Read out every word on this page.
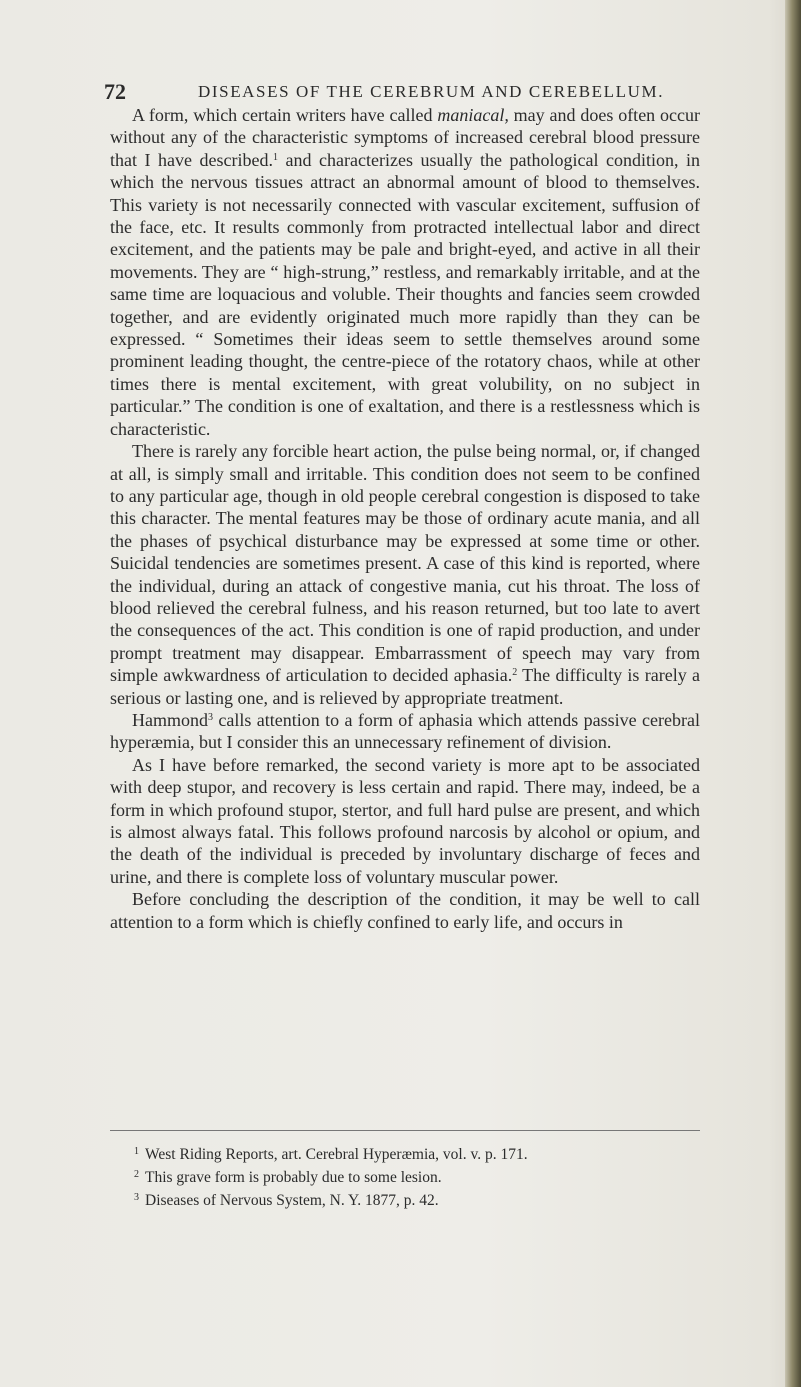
72	DISEASES OF THE CEREBRUM AND CEREBELLUM.

A form, which certain writers have called maniacal, may and does often occur without any of the characteristic symptoms of increased cerebral blood pressure that I have described.$^1$ and characterizes usually the pathological condition, in which the nervous tissues attract an abnormal amount of blood to themselves. This variety is not necessarily connected with vascular excitement, suffusion of the face, etc. It results commonly from protracted intellectual labor and direct excitement, and the patients may be pale and bright-eyed, and active in all their movements. They are “ high-strung,” restless, and remarkably irritable, and at the same time are loquacious and voluble. Their thoughts and fancies seem crowded together, and are evidently originated much more rapidly than they can be expressed. “ Sometimes their ideas seem to settle themselves around some prominent leading thought, the centre-piece of the rotatory chaos, while at other times there is mental excitement, with great volubility, on no subject in particular.” The condition is one of exaltation, and there is a restlessness which is characteristic.

There is rarely any forcible heart action, the pulse being normal, or, if changed at all, is simply small and irritable. This condition does not seem to be confined to any particular age, though in old people cerebral congestion is disposed to take this character. The mental features may be those of ordinary acute mania, and all the phases of psychical disturbance may be expressed at some time or other. Suicidal tendencies are sometimes present. A case of this kind is reported, where the individual, during an attack of congestive mania, cut his throat. The loss of blood relieved the cerebral fulness, and his reason returned, but too late to avert the consequences of the act. This condition is one of rapid production, and under prompt treatment may disappear. Embarrassment of speech may vary from simple awkwardness of articulation to decided aphasia.$^2$ The difficulty is rarely a serious or lasting one, and is relieved by appropriate treatment.

Hammond$^3$ calls attention to a form of aphasia which attends passive cerebral hyperæmia, but I consider this an unnecessary refinement of division.

As I have before remarked, the second variety is more apt to be associated with deep stupor, and recovery is less certain and rapid. There may, indeed, be a form in which profound stupor, stertor, and full hard pulse are present, and which is almost always fatal. This follows profound narcosis by alcohol or opium, and the death of the individual is preceded by involuntary discharge of feces and urine, and there is complete loss of voluntary muscular power.

Before concluding the description of the condition, it may be well to call attention to a form which is chiefly confined to early life, and occurs in

$^1$ West Riding Reports, art. Cerebral Hyperæmia, vol. v. p. 171.
$^2$ This grave form is probably due to some lesion.
$^3$ Diseases of Nervous System, N. Y. 1877, p. 42.
